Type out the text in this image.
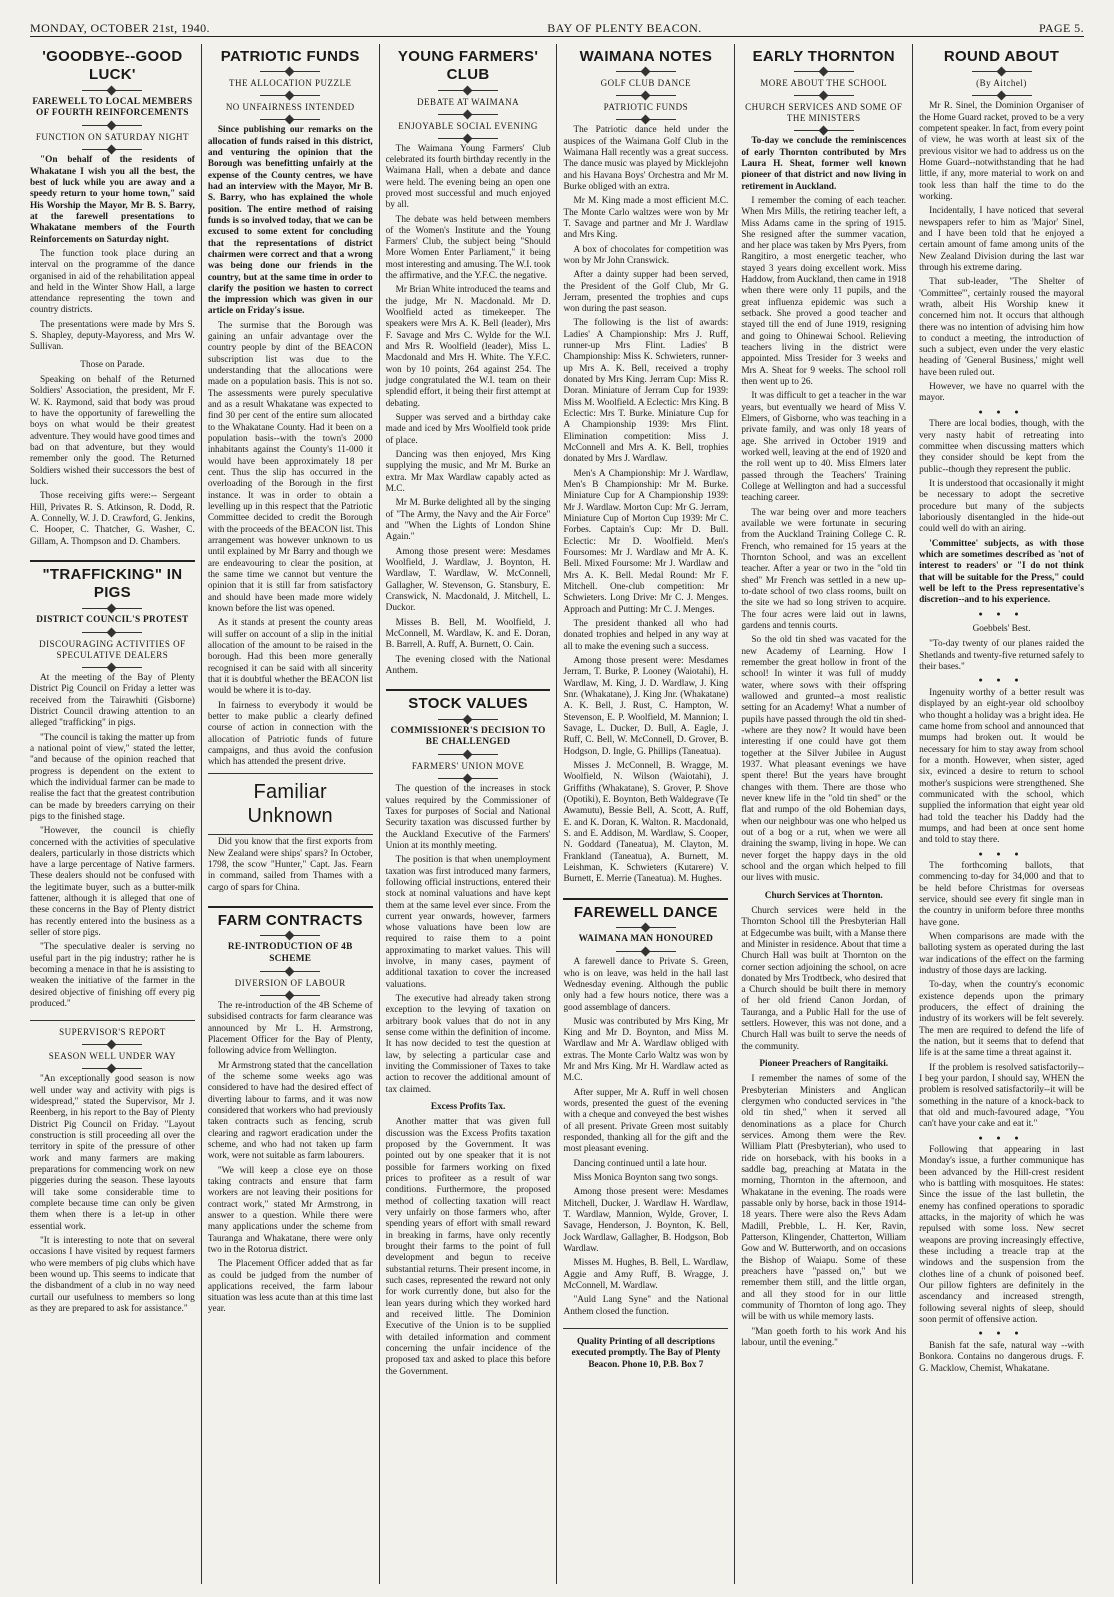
MONDAY, OCTOBER 21st, 1940.	BAY OF PLENTY BEACON.	PAGE 5.
'GOODBYE--GOOD LUCK'
FAREWELL TO LOCAL MEMBERS OF FOURTH REINFORCEMENTS
FUNCTION ON SATURDAY NIGHT

"On behalf of the residents of Whakatane I wish you all the best, the best of luck while you are away and a speedy return to your home town," said His Worship the Mayor, Mr B. S. Barry, at the farewell presentations to Whakatane members of the Fourth Reinforcements on Saturday night.

The function took place during an interval on the programme of the dance organised in aid of the rehabilitation appeal and held in the Winter Show Hall, a large attendance representing the town and country districts.

The presentations were made by Mrs S. S. Shapley, deputy-Mayoress, and Mrs W. Sullivan.

Those on Parade.

Speaking on behalf of the Returned Soldiers' Association, the president, Mr F. W. K. Raymond, said that body was proud to have the opportunity of farewelling the boys on what would be their greatest adventure. They would have good times and bad on that adventure, but they would remember only the good. The Returned Soldiers wished their successors the best of luck.

Those receiving gifts were:-- Sergeant Hill, Privates R. S. Atkinson, R. Dodd, R. A. Connelly, W. J. D. Crawford, G. Jenkins, C. Hooper, C. Thatcher, G. Washer, C. Gillam, A. Thompson and D. Chambers.

"TRAFFICKING" IN PIGS
DISTRICT COUNCIL'S PROTEST
DISCOURAGING ACTIVITIES OF SPECULATIVE DEALERS

At the meeting of the Bay of Plenty District Pig Council on Friday a letter was received from the Tairawhiti (Gisborne) District Council drawing attention to an alleged "trafficking" in pigs.

"The council is taking the matter up from a national point of view," stated the letter, "and because of the opinion reached that progress is dependent on the extent to which the individual farmer can be made to realise the fact that the greatest contribution can be made by breeders carrying on their pigs to the finished stage.

"However, the council is chiefly concerned with the activities of speculative dealers, particularly in those districts which have a large percentage of Native farmers. These dealers should not be confused with the legitimate buyer, such as a butter-milk fattener, although it is alleged that one of these concerns in the Bay of Plenty district has recently entered into the business as a seller of store pigs.

"The speculative dealer is serving no useful part in the pig industry; rather he is becoming a menace in that he is assisting to weaken the initiative of the farmer in the desired objective of finishing off every pig produced."

SUPERVISOR'S REPORT
SEASON WELL UNDER WAY

"An exceptionally good season is now well under way and activity with pigs is widespread," stated the Supervisor, Mr J. Reenberg, in his report to the Bay of Plenty District Pig Council on Friday. "Layout construction is still proceeding all over the territory in spite of the pressure of other work and many farmers are making preparations for commencing work on new piggeries during the season. These layouts will take some considerable time to complete because time can only be given them when there is a let-up in other essential work.

"It is interesting to note that on several occasions I have visited by request farmers who were members of pig clubs which have been wound up. This seems to indicate that the disbandment of a club in no way need curtail our usefulness to members so long as they are prepared to ask for assistance."

PATRIOTIC FUNDS
THE ALLOCATION PUZZLE
NO UNFAIRNESS INTENDED

Since publishing our remarks on the allocation of funds raised in this district, and venturing the opinion that the Borough was benefitting unfairly at the expense of the County centres, we have had an interview with the Mayor, Mr B. S. Barry, who has explained the whole position. The entire method of raising funds is so involved today, that we can be excused to some extent for concluding that the representations of district chairmen were correct and that a wrong was being done our friends in the country, but at the same time in order to clarify the position we hasten to correct the impression which was given in our article on Friday's issue.

The surmise that the Borough was gaining an unfair advantage over the country people by dint of the BEACON subscription list was due to the understanding that the allocations were made on a population basis. This is not so. The assessments were purely speculative and as a result Whakatane was expected to find 30 per cent of the entire sum allocated to the Whakatane County. Had it been on a population basis--with the town's 2000 inhabitants against the County's 11-000 it would have been approximately 18 per cent. Thus the slip has occurred in the overloading of the Borough in the first instance. It was in order to obtain a levelling up in this respect that the Patriotic Committee decided to credit the Borough with the proceeds of the BEACON list. This arrangement was however unknown to us until explained by Mr Barry and though we are endeavouring to clear the position, at the same time we cannot but venture the opinion that it is still far from satisfactory and should have been made more widely known before the list was opened.

As it stands at present the county areas will suffer on account of a slip in the initial allocation of the amount to be raised in the borough. Had this been more generally recognised it can be said with all sincerity that it is doubtful whether the BEACON list would be where it is to-day.

In fairness to everybody it would be better to make public a clearly defined course of action in connection with the allocation of Patriotic funds of future campaigns, and thus avoid the confusion which has attended the present drive.

Familiar Unknown

Did you know that the first exports from New Zealand were ships' spars? In October, 1798, the scow "Hunter," Capt. Jas. Fearn in command, sailed from Thames with a cargo of spars for China.

FARM CONTRACTS
RE-INTRODUCTION OF 4B SCHEME
DIVERSION OF LABOUR

The re-introduction of the 4B Scheme of subsidised contracts for farm clearance was announced by Mr L. H. Armstrong, Placement Officer for the Bay of Plenty, following advice from Wellington.

Mr Armstrong stated that the cancellation of the scheme some weeks ago was considered to have had the desired effect of diverting labour to farms, and it was now considered that workers who had previously taken contracts such as fencing, scrub clearing and ragwort eradication under the scheme, and who had not taken up farm work, were not suitable as farm labourers.

"We will keep a close eye on those taking contracts and ensure that farm workers are not leaving their positions for contract work," stated Mr Armstrong, in answer to a question. While there were many applications under the scheme from Tauranga and Whakatane, there were only two in the Rotorua district.

The Placement Officer added that as far as could be judged from the number of applications received, the farm labour situation was less acute than at this time last year.

YOUNG FARMERS' CLUB
DEBATE AT WAIMANA
ENJOYABLE SOCIAL EVENING

The Waimana Young Farmers' Club celebrated its fourth birthday recently in the Waimana Hall, when a debate and dance were held. The evening being an open one proved most successful and much enjoyed by all.

The debate was held between members of the Women's Institute and the Young Farmers' Club, the subject being "Should More Women Enter Parliament," it being most interesting and amusing. The W.I. took the affirmative, and the Y.F.C. the negative.

Mr Brian White introduced the teams and the judge, Mr N. Macdonald. Mr D. Woolfield acted as timekeeper. The speakers were Mrs A. K. Bell (leader), Mrs F. Savage and Mrs C. Wylde for the W.I. and Mrs R. Woolfield (leader), Miss L. Macdonald and Mrs H. White. The Y.F.C. won by 10 points, 264 against 254. The judge congratulated the W.I. team on their splendid effort, it being their first attempt at debating.

Supper was served and a birthday cake made and iced by Mrs Woolfield took pride of place.

Dancing was then enjoyed, Mrs King supplying the music, and Mr M. Burke an extra. Mr Max Wardlaw capably acted as M.C.

Mr M. Burke delighted all by the singing of "The Army, the Navy and the Air Force" and "When the Lights of London Shine Again."

Among those present were: Mesdames Woolfield, J. Wardlaw, J. Boynton, H. Wardlaw, T. Wardlaw, W. McConnell, Gallagher, W. Stevenson, G. Stansbury, E. Cranswick, N. Macdonald, J. Mitchell, L. Duckor.

Misses B. Bell, M. Woolfield, J. McConnell, M. Wardlaw, K. and E. Doran, B. Barrell, A. Ruff, A. Burnett, O. Cain.

The evening closed with the National Anthem.

STOCK VALUES
COMMISSIONER'S DECISION TO BE CHALLENGED
FARMERS' UNION MOVE

The question of the increases in stock values required by the Commissioner of Taxes for purposes of Social and National Security taxation was discussed further by the Auckland Executive of the Farmers' Union at its monthly meeting.

The position is that when unemployment taxation was first introduced many farmers, following official instructions, entered their stock at nominal valuations and have kept them at the same level ever since. From the current year onwards, however, farmers whose valuations have been low are required to raise them to a point approximating to market values. This will involve, in many cases, payment of additional taxation to cover the increased valuations.

The executive had already taken strong exception to the levying of taxation on arbitrary book values that do not in any sense come within the definition of income. It has now decided to test the question at law, by selecting a particular case and inviting the Commissioner of Taxes to take action to recover the additional amount of tax claimed.

Excess Profits Tax.

Another matter that was given full discussion was the Excess Profits taxation proposed by the Government. It was pointed out by one speaker that it is not possible for farmers working on fixed prices to profiteer as a result of war conditions. Furthermore, the proposed method of collecting taxation will react very unfairly on those farmers who, after spending years of effort with small reward in breaking in farms, have only recently brought their farms to the point of full development and begun to receive substantial returns. Their present income, in such cases, represented the reward not only for work currently done, but also for the lean years during which they worked hard and received little. The Dominion Executive of the Union is to be supplied with detailed information and comment concerning the unfair incidence of the proposed tax and asked to place this before the Government.

WAIMANA NOTES
GOLF CLUB DANCE
PATRIOTIC FUNDS

The Patriotic dance held under the auspices of the Waimana Golf Club in the Waimana Hall recently was a great success. The dance music was played by Micklejohn and his Havana Boys' Orchestra and Mr M. Burke obliged with an extra.

Mr M. King made a most efficient M.C. The Monte Carlo waltzes were won by Mr T. Savage and partner and Mr J. Wardlaw and Mrs King.

A box of chocolates for competition was won by Mr John Cranswick.

After a dainty supper had been served, the President of the Golf Club, Mr G. Jerram, presented the trophies and cups won during the past season.

The following is the list of awards: Ladies' A Championship: Mrs J. Ruff, runner-up Mrs Flint. Ladies' B Championship: Miss K. Schwieters, runner-up Mrs A. K. Bell, received a trophy donated by Mrs King. Jerram Cup: Miss R. Doran. Miniature of Jerram Cup for 1939: Miss M. Woolfield. A Eclectic: Mrs King. B Eclectic: Mrs T. Burke. Miniature Cup for A Championship 1939: Mrs Flint. Elimination competition: Miss J. McConnell and Mrs A. K. Bell, trophies donated by Mrs J. Wardlaw.

Men's A Championship: Mr J. Wardlaw, Men's B Championship: Mr M. Burke. Miniature Cup for A Championship 1939: Mr J. Wardlaw. Morton Cup: Mr G. Jerram, Miniature Cup of Morton Cup 1939: Mr C. Forbes. Captain's Cup: Mr D. Bull. Eclectic: Mr D. Woolfield. Men's Foursomes: Mr J. Wardlaw and Mr A. K. Bell. Mixed Foursome: Mr J. Wardlaw and Mrs A. K. Bell. Medal Round: Mr F. Mitchell. One-club competition: Mr Schwieters. Long Drive: Mr C. J. Menges. Approach and Putting: Mr C. J. Menges.

The president thanked all who had donated trophies and helped in any way at all to make the evening such a success.

Among those present were: Mesdames Jerram, T. Burke, P. Looney (Waiotahi), H. Wardlaw, M. King, J. D. Wardlaw, J. King Snr. (Whakatane), J. King Jnr. (Whakatane) A. K. Bell, J. Rust, C. Hampton, W. Stevenson, E. P. Woolfield, M. Mannion; I. Savage, L. Ducker, D. Bull, A. Eagle, J. Ruff, C. Bell, W. McConnell, D. Grover, B. Hodgson, D. Ingle, G. Phillips (Taneatua).

Misses J. McConnell, B. Wragge, M. Woolfield, N. Wilson (Waiotahi), J. Griffiths (Whakatane), S. Grover, P. Shove (Opotiki), E. Boynton, Beth Waldegrave (Te Awamutu), Bessie Bell, A. Scott, A. Ruff, E. and K. Doran, K. Walton. R. Macdonald, S. and E. Addison, M. Wardlaw, S. Cooper, N. Goddard (Taneatua), M. Clayton, M. Frankland (Taneatua), A. Burnett, M. Leishman, K. Schwieters (Kutarere) V. Burnett, E. Merrie (Taneatua). M. Hughes.

FAREWELL DANCE
WAIMANA MAN HONOURED

A farewell dance to Private S. Green, who is on leave, was held in the hall last Wednesday evening. Although the public only had a few hours notice, there was a good assemblage of dancers.

Music was contributed by Mrs King, Mr King and Mr D. Boynton, and Miss M. Wardlaw and Mr A. Wardlaw obliged with extras. The Monte Carlo Waltz was won by Mr and Mrs King. Mr H. Wardlaw acted as M.C.

After supper, Mr A. Ruff in well chosen words, presented the guest of the evening with a cheque and conveyed the best wishes of all present. Private Green most suitably responded, thanking all for the gift and the most pleasant evening.

Dancing continued until a late hour.

Miss Monica Boynton sang two songs.

Among those present were: Mesdames Mitchell, Ducker, J. Wardlaw H. Wardlaw, T. Wardlaw, Mannion, Wylde, Grover, I. Savage, Henderson, J. Boynton, K. Bell, Jock Wardlaw, Gallagher, B. Hodgson, Bob Wardlaw.

Misses M. Hughes, B. Bell, L. Wardlaw, Aggie and Amy Ruff, B. Wragge, J. McConnell, M. Wardlaw.

"Auld Lang Syne" and the National Anthem closed the function.

Quality Printing of all descriptions executed promptly. The Bay of Plenty Beacon. Phone 10, P.B. Box 7
EARLY THORNTON
MORE ABOUT THE SCHOOL
CHURCH SERVICES AND SOME OF THE MINISTERS

To-day we conclude the reminiscences of early Thornton contributed by Mrs Laura H. Sheat, former well known pioneer of that district and now living in retirement in Auckland.

I remember the coming of each teacher. When Mrs Mills, the retiring teacher left, a Miss Adams came in the spring of 1915. She resigned after the summer vacation, and her place was taken by Mrs Pyers, from Rangitiro, a most energetic teacher, who stayed 3 years doing excellent work. Miss Haddow, from Auckland, then came in 1918 when there were only 11 pupils, and the great influenza epidemic was such a setback. She proved a good teacher and stayed till the end of June 1919, resigning and going to Ohinewai School. Relieving teachers living in the district were appointed. Miss Tresider for 3 weeks and Mrs A. Sheat for 9 weeks. The school roll then went up to 26.

It was difficult to get a teacher in the war years, but eventually we heard of Miss V. Elmers, of Gisborne, who was teaching in a private family, and was only 18 years of age. She arrived in October 1919 and worked well, leaving at the end of 1920 and the roll went up to 40. Miss Elmers later passed through the Teachers' Training College at Wellington and had a successful teaching career.

The war being over and more teachers available we were fortunate in securing from the Auckland Training College C. R. French, who remained for 15 years at the Thornton School, and was an excellent teacher. After a year or two in the "old tin shed" Mr French was settled in a new up-to-date school of two class rooms, built on the site we had so long striven to acquire. The four acres were laid out in lawns, gardens and tennis courts.

So the old tin shed was vacated for the new Academy of Learning. How I remember the great hollow in front of the school! In winter it was full of muddy water, where sows with their offspring wallowed and grunted--a most realistic setting for an Academy! What a number of pupils have passed through the old tin shed--where are they now? It would have been interesting if one could have got them together at the Silver Jubilee in August 1937. What pleasant evenings we have spent there! But the years have brought changes with them. There are those who never knew life in the "old tin shed" or the flat and rumpo of the old Bohemian days, when our neighbour was one who helped us out of a bog or a rut, when we were all draining the swamp, living in hope. We can never forget the happy days in the old school and the organ which helped to fill our lives with music.

Church Services at Thornton.

Church services were held in the Thornton School till the Presbyterian Hall at Edgecumbe was built, with a Manse there and Minister in residence. About that time a Church Hall was built at Thornton on the corner section adjoining the school, on acre donated by Mrs Trodtbeck, who desired that a Church should be built there in memory of her old friend Canon Jordan, of Tauranga, and a Public Hall for the use of settlers. However, this was not done, and a Church Hall was built to serve the needs of the community.

Pioneer Preachers of Rangitaiki.

I remember the names of some of the Presbyterian Ministers and Anglican clergymen who conducted services in "the old tin shed," when it served all denominations as a place for Church services. Among them were the Rev. William Platt (Presbyterian), who used to ride on horseback, with his books in a saddle bag, preaching at Matata in the morning, Thornton in the afternoon, and Whakatane in the evening. The roads were passable only by horse, back in those 1914-18 years. There were also the Revs Adam Madill, Prebble, L. H. Ker, Ravin, Patterson, Klingender, Chatterton, William Gow and W. Butterworth, and on occasions the Bishop of Waiapu. Some of these preachers have "passed on," but we remember them still, and the little organ, and all they stood for in our little community of Thornton of long ago. They will be with us while memory lasts.

"Man goeth forth to his work And his labour, until the evening."

ROUND ABOUT
(By Aitchel)

Mr R. Sinel, the Dominion Organiser of the Home Guard racket, proved to be a very competent speaker. In fact, from every point of view, he was worth at least six of the previous visitor we had to address us on the Home Guard--notwithstanding that he had little, if any, more material to work on and took less than half the time to do the working.

Incidentally, I have noticed that several newspapers refer to him as 'Major' Sinel, and I have been told that he enjoyed a certain amount of fame among units of the New Zealand Division during the last war through his extreme daring.

That sub-leader, "The Shelter of 'Committee'", certainly roused the mayoral wrath, albeit His Worship knew it concerned him not. It occurs that although there was no intention of advising him how to conduct a meeting, the introduction of such a subject, even under the very elastic heading of 'General Business,' might well have been ruled out.

However, we have no quarrel with the mayor.

● ● ●

There are local bodies, though, with the very nasty habit of retreating into committee when discussing matters which they consider should be kept from the public--though they represent the public.

It is understood that occasionally it might be necessary to adopt the secretive procedure but many of the subjects laboriously disentangled in the hide-out could well do with an airing.

'Committee' subjects, as with those which are sometimes described as 'not of interest to readers' or "I do not think that will be suitable for the Press," could well be left to the Press representative's discretion--and to his experience.

● ● ●
Goebbels' Best.

"To-day twenty of our planes raided the Shetlands and twenty-five returned safely to their bases."

● ● ●

Ingenuity worthy of a better result was displayed by an eight-year old schoolboy who thought a holiday was a bright idea. He came home from school and announced that mumps had broken out. It would be necessary for him to stay away from school for a month. However, when sister, aged six, evinced a desire to return to school mother's suspicions were strengthened. She communicated with the school, which supplied the information that eight year old had told the teacher his Daddy had the mumps, and had been at once sent home and told to stay there.

● ● ●

The forthcoming ballots, that commencing to-day for 34,000 and that to be held before Christmas for overseas service, should see every fit single man in the country in uniform before three months have gone.

When comparisons are made with the balloting system as operated during the last war indications of the effect on the farming industry of those days are lacking.

To-day, when the country's economic existence depends upon the primary producers, the effect of draining the industry of its workers will be felt severely. The men are required to defend the life of the nation, but it seems that to defend that life is at the same time a threat against it.

If the problem is resolved satisfactorily--I beg your pardon, I should say, WHEN the problem is resolved satisfactorily--it will be something in the nature of a knock-back to that old and much-favoured adage, "You can't have your cake and eat it."

● ● ●

Following that appearing in last Monday's issue, a further communique has been advanced by the Hill-crest resident who is battling with mosquitoes. He states: Since the issue of the last bulletin, the enemy has confined operations to sporadic attacks, in the majority of which he was repulsed with some loss. New secret weapons are proving increasingly effective, these including a treacle trap at the windows and the suspension from the clothes line of a chunk of poisoned beef. Our pillow fighters are definitely in the ascendancy and increased strength, following several nights of sleep, should soon permit of offensive action.

● ● ●

Banish fat the safe, natural way --with Bonkora. Contains no dangerous drugs. F. G. Macklow, Chemist, Whakatane.
